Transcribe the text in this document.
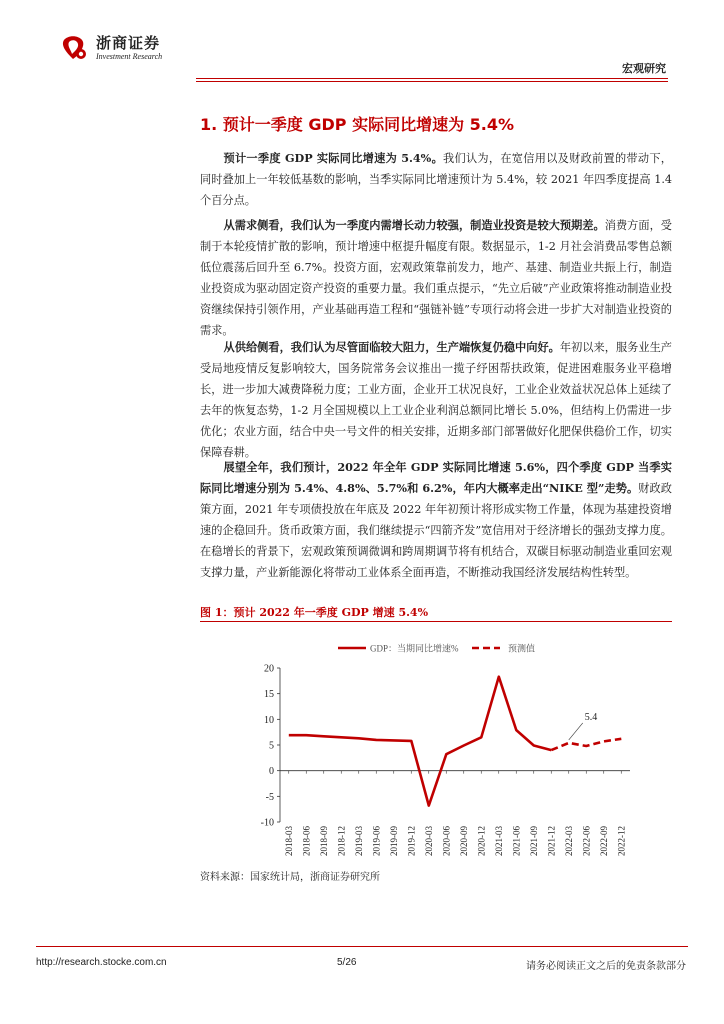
浙商证券
Investment Research
宏观研究
1. 预计一季度 GDP 实际同比增速为 5.4%

预计一季度 GDP 实际同比增速为 5.4%。我们认为，在宽信用以及财政前置的带动下，同时叠加上一年较低基数的影响，当季实际同比增速预计为 5.4%，较 2021 年四季度提高 1.4 个百分点。

从需求侧看，我们认为一季度内需增长动力较强，制造业投资是较大预期差。消费方面，受制于本轮疫情扩散的影响，预计增速中枢提升幅度有限。数据显示，1-2 月社会消费品零售总额低位震荡后回升至 6.7%。投资方面，宏观政策靠前发力，地产、基建、制造业共振上行，制造业投资成为驱动固定资产投资的重要力量。我们重点提示，“先立后破”产业政策将推动制造业投资继续保持引领作用，产业基础再造工程和“强链补链”专项行动将会进一步扩大对制造业投资的需求。

从供给侧看，我们认为尽管面临较大阻力，生产端恢复仍稳中向好。年初以来，服务业生产受局地疫情反复影响较大，国务院常务会议推出一揽子纾困帮扶政策，促进困难服务业平稳增长，进一步加大减费降税力度；工业方面，企业开工状况良好，工业企业效益状况总体上延续了去年的恢复态势，1-2 月全国规模以上工业企业利润总额同比增长 5.0%，但结构上仍需进一步优化；农业方面，结合中央一号文件的相关安排，近期多部门部署做好化肥保供稳价工作，切实保障春耕。

展望全年，我们预计，2022 年全年 GDP 实际同比增速 5.6%，四个季度 GDP 当季实际同比增速分别为 5.4%、4.8%、5.7%和 6.2%，年内大概率走出“NIKE 型”走势。财政政策方面，2021 年专项债投放在年底及 2022 年年初预计将形成实物工作量，体现为基建投资增速的企稳回升。货币政策方面，我们继续提示“四箭齐发”宽信用对于经济增长的强劲支撑力度。在稳增长的背景下，宏观政策预调微调和跨周期调节将有机结合，双碳目标驱动制造业重回宏观支撑力量，产业新能源化将带动工业体系全面再造，不断推动我国经济发展结构性转型。

图 1：预计 2022 年一季度 GDP 增速 5.4%
-10
-5
0
5
10
15
20
2018-03 2018-06 2018-09 2018-12 2019-03 2019-06 2019-09 2019-12 2020-03 2020-06 2020-09 2020-12 2021-03 2021-06 2021-09 2021-12 2022-03 2022-06 2022-09 2022-12
5.4
GDP：当期同比增速%	预测值
资料来源：国家统计局，浙商证券研究所
http://research.stocke.com.cn	5/26	请务必阅读正文之后的免责条款部分
